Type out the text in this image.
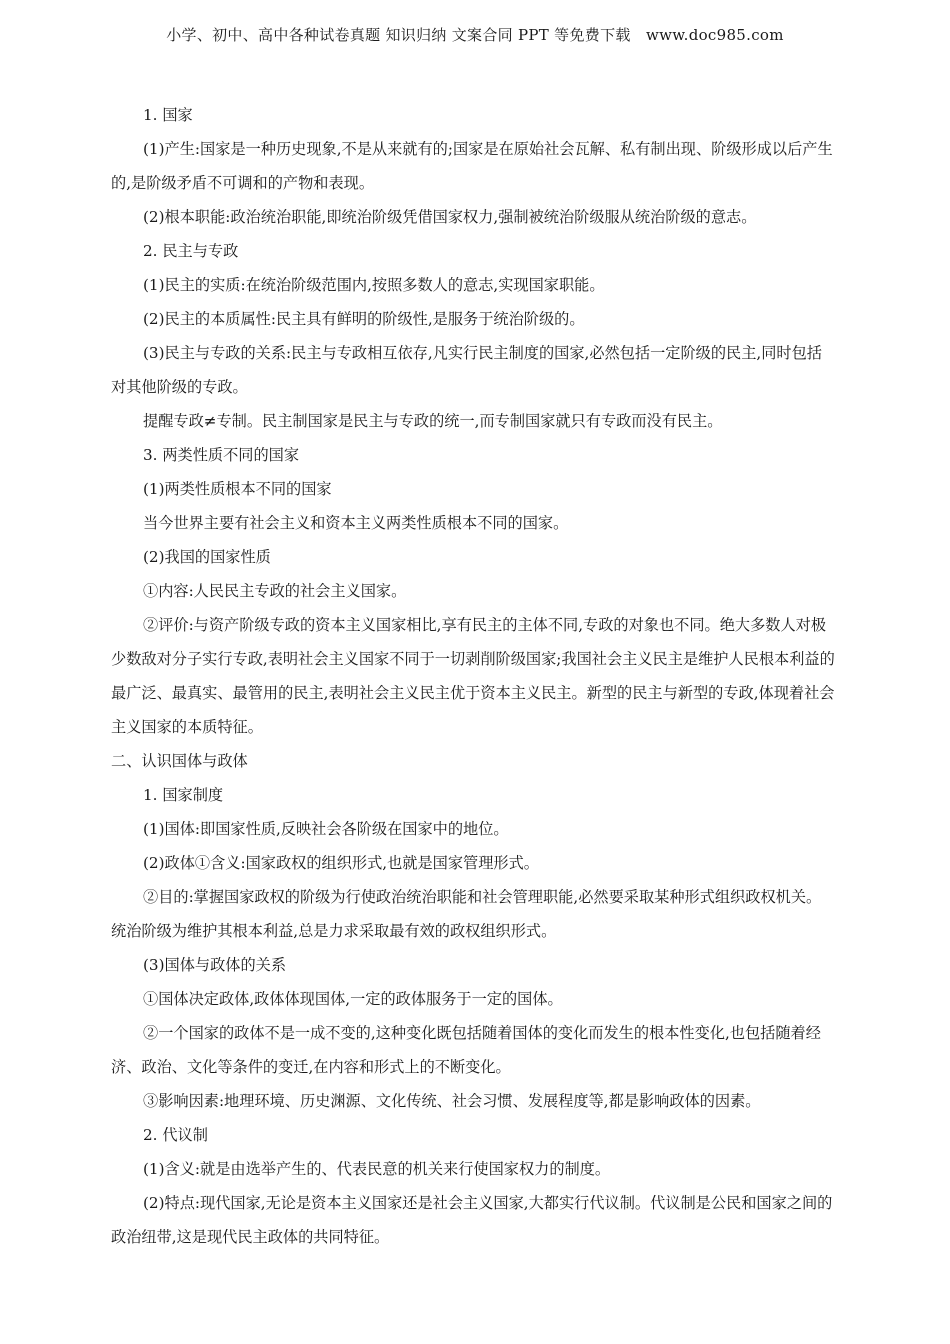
小学、初中、高中各种试卷真题 知识归纳 文案合同 PPT 等免费下载　www.doc985.com

1. 国家

(1)产生:国家是一种历史现象,不是从来就有的;国家是在原始社会瓦解、私有制出现、阶级形成以后产生的,是阶级矛盾不可调和的产物和表现。

(2)根本职能:政治统治职能,即统治阶级凭借国家权力,强制被统治阶级服从统治阶级的意志。

2. 民主与专政

(1)民主的实质:在统治阶级范围内,按照多数人的意志,实现国家职能。

(2)民主的本质属性:民主具有鲜明的阶级性,是服务于统治阶级的。

(3)民主与专政的关系:民主与专政相互依存,凡实行民主制度的国家,必然包括一定阶级的民主,同时包括对其他阶级的专政。

提醒专政≠专制。民主制国家是民主与专政的统一,而专制国家就只有专政而没有民主。

3. 两类性质不同的国家

(1)两类性质根本不同的国家

当今世界主要有社会主义和资本主义两类性质根本不同的国家。

(2)我国的国家性质

①内容:人民民主专政的社会主义国家。

②评价:与资产阶级专政的资本主义国家相比,享有民主的主体不同,专政的对象也不同。绝大多数人对极少数敌对分子实行专政,表明社会主义国家不同于一切剥削阶级国家;我国社会主义民主是维护人民根本利益的最广泛、最真实、最管用的民主,表明社会主义民主优于资本主义民主。新型的民主与新型的专政,体现着社会主义国家的本质特征。

二、认识国体与政体

1. 国家制度

(1)国体:即国家性质,反映社会各阶级在国家中的地位。

(2)政体①含义:国家政权的组织形式,也就是国家管理形式。

②目的:掌握国家政权的阶级为行使政治统治职能和社会管理职能,必然要采取某种形式组织政权机关。统治阶级为维护其根本利益,总是力求采取最有效的政权组织形式。

(3)国体与政体的关系

①国体决定政体,政体体现国体,一定的政体服务于一定的国体。

②一个国家的政体不是一成不变的,这种变化既包括随着国体的变化而发生的根本性变化,也包括随着经济、政治、文化等条件的变迁,在内容和形式上的不断变化。

③影响因素:地理环境、历史渊源、文化传统、社会习惯、发展程度等,都是影响政体的因素。

2. 代议制

(1)含义:就是由选举产生的、代表民意的机关来行使国家权力的制度。

(2)特点:现代国家,无论是资本主义国家还是社会主义国家,大都实行代议制。代议制是公民和国家之间的政治纽带,这是现代民主政体的共同特征。
